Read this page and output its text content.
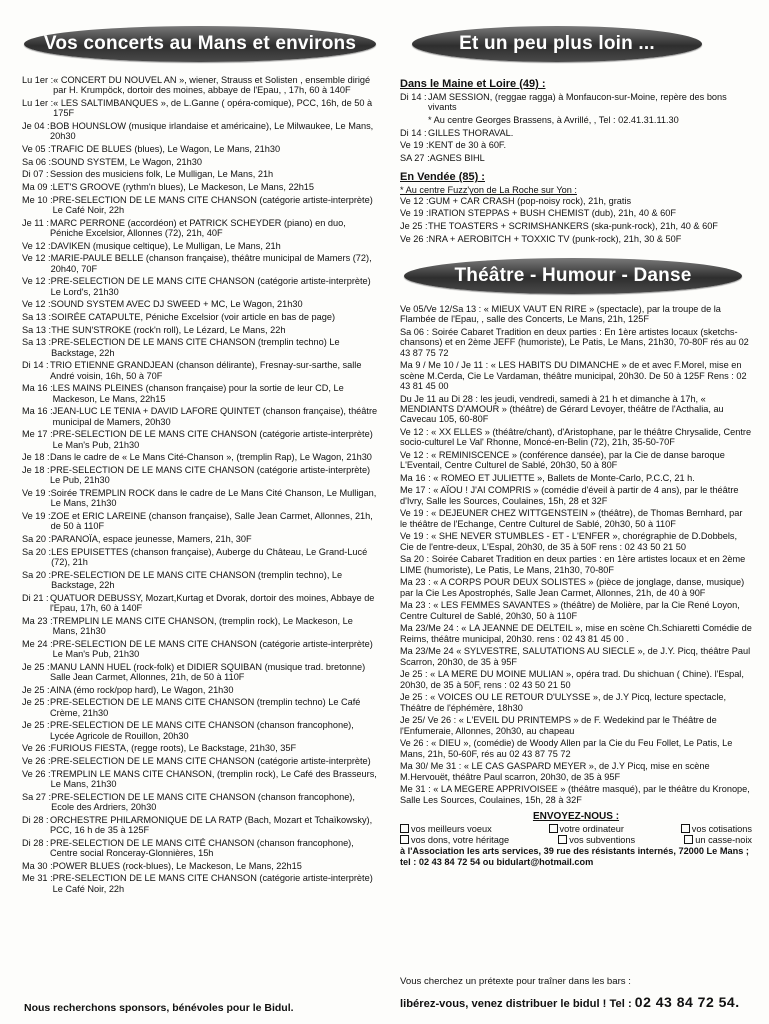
Vos concerts au Mans et environs
Lu 1er : « CONCERT DU NOUVEL AN », wiener, Strauss et Solisten , ensemble dirigé par H. Krumpöck, dortoir des moines, abbaye de l'Epau, , 17h, 60 à 140F
Lu 1er : « LES SALTIMBANQUES », de L.Ganne ( opéra-comique), PCC, 16h, de 50 à 175F
Je 04 : BOB HOUNSLOW (musique irlandaise et américaine), Le Milwaukee, Le Mans, 20h30
Ve 05 : TRAFIC DE BLUES (blues), Le Wagon, Le Mans, 21h30
Sa 06 : SOUND SYSTEM, Le Wagon, 21h30
Di 07 : Session des musiciens folk, Le Mulligan, Le Mans, 21h
Ma 09 : LET'S GROOVE (rythm'n blues), Le Mackeson, Le Mans, 22h15
Me 10 : PRE-SELECTION DE LE MANS CITE CHANSON (catégorie artiste-interprète) Le Café Noir, 22h
Je 11 : MARC PERRONE (accordéon) et PATRICK SCHEYDER (piano) en duo, Péniche Excelsior, Allonnes (72), 21h, 40F
Ve 12 : DAVIKEN (musique celtique), Le Mulligan, Le Mans, 21h
Ve 12 : MARIE-PAULE BELLE (chanson française), théâtre municipal de Mamers (72), 20h40, 70F
Ve 12 : PRE-SELECTION DE LE MANS CITE CHANSON (catégorie artiste-interprète) Le Lord's, 21h30
Ve 12 : SOUND SYSTEM AVEC DJ SWEED + MC, Le Wagon, 21h30
Sa 13 : SOIRÉE CATAPULTE, Péniche Excelsior (voir article en bas de page)
Sa 13 : THE SUN'STROKE (rock'n roll), Le Lézard, Le Mans, 22h
Sa 13 : PRE-SELECTION DE LE MANS CITE CHANSON (tremplin techno) Le Backstage, 22h
Di 14 : TRIO ETIENNE GRANDJEAN (chanson délirante), Fresnay-sur-sarthe, salle André voisin, 16h, 50 à 70F
Ma 16 : LES MAINS PLEINES (chanson française) pour la sortie de leur CD, Le Mackeson, Le Mans, 22h15
Ma 16 : JEAN-LUC LE TENIA + DAVID LAFORE QUINTET (chanson française), théâtre municipal de Mamers, 20h30
Me 17 : PRE-SELECTION DE LE MANS CITE CHANSON (catégorie artiste-interprète) Le Man's Pub, 21h30
Je 18 : Dans le cadre de « Le Mans Cité-Chanson », (tremplin Rap), Le Wagon, 21h30
Je 18 : PRE-SELECTION DE LE MANS CITE CHANSON (catégorie artiste-interprète) Le Pub, 21h30
Ve 19 : Soirée TREMPLIN ROCK dans le cadre de Le Mans Cité Chanson, Le Mulligan, Le Mans, 21h30
Ve 19 : ZOE et ERIC LAREINE (chanson française), Salle Jean Carmet, Allonnes, 21h, de 50 à 110F
Sa 20 : PARANOÏA, espace jeunesse, Mamers, 21h, 30F
Sa 20 : LES EPUISETTES (chanson française), Auberge du Château, Le Grand-Lucé (72), 21h
Sa 20 : PRE-SELECTION DE LE MANS CITE CHANSON (tremplin techno), Le Backstage, 22h
Di 21 : QUATUOR DEBUSSY, Mozart,Kurtag et Dvorak, dortoir des moines, Abbaye de l'Epau, 17h, 60 à 140F
Ma 23 : TREMPLIN LE MANS CITE CHANSON, (tremplin rock), Le Mackeson, Le Mans, 21h30
Me 24 : PRE-SELECTION DE LE MANS CITE CHANSON (catégorie artiste-interprète) Le Man's Pub, 21h30
Je 25 : MANU LANN HUEL (rock-folk) et DIDIER SQUIBAN (musique trad. bretonne) Salle Jean Carmet, Allonnes, 21h, de 50 à 110F
Je 25 : AINA (émo rock/pop hard), Le Wagon, 21h30
Je 25 : PRE-SELECTION DE LE MANS CITE CHANSON (tremplin techno) Le Café Crème, 21h30
Je 25 : PRE-SELECTION DE LE MANS CITE CHANSON (chanson francophone), Lycée Agricole de Rouillon, 20h30
Ve 26 : FURIOUS FIESTA, (regge roots), Le Backstage, 21h30, 35F
Ve 26 : PRE-SELECTION DE LE MANS CITE CHANSON (catégorie artiste-interprète)
Ve 26 : TREMPLIN LE MANS CITE CHANSON, (tremplin rock), Le Café des Brasseurs, Le Mans, 21h30
Sa 27 : PRE-SELECTION DE LE MANS CITE CHANSON (chanson francophone), Ecole des Ardriers, 20h30
Di 28 : ORCHESTRE PHILARMONIQUE DE LA RATP (Bach, Mozart et Tchaïkowsky), PCC, 16 h de 35 à 125F
Di 28 : PRE-SELECTION DE LE MANS CITÉ CHANSON (chanson francophone), Centre social Ronceray-Glonnières, 15h
Ma 30 : POWER BLUES (rock-blues), Le Mackeson, Le Mans, 22h15
Me 31 : PRE-SELECTION DE LE MANS CITE CHANSON (catégorie artiste-interprète) Le Café Noir, 22h
Nous recherchons sponsors, bénévoles pour le Bidul.
Et un peu plus loin ...
Dans le Maine et Loire (49) :
Di 14 : JAM SESSION, (reggae ragga) à Monfaucon-sur-Moine, repère des bons vivants
* Au centre Georges Brassens, à Avrillé, , Tel : 02.41.31.11.30
Di 14 : GILLES THORAVAL.
Ve 19 : KENT de 30 à 60F.
SA 27 : AGNES BIHL
En Vendée (85) :
* Au centre Fuzz'yon de La Roche sur Yon :
Ve 12 : GUM + CAR CRASH (pop-noisy rock), 21h, gratis
Ve 19 : IRATION STEPPAS + BUSH CHEMIST (dub), 21h, 40 & 60F
Je 25 : THE TOASTERS + SCRIMSHANKERS (ska-punk-rock), 21h, 40 & 60F
Ve 26 : NRA + AEROBITCH + TOXXIC TV (punk-rock), 21h, 30 & 50F
Théâtre - Humour - Danse
Ve 05/Ve 12/Sa 13 : « MIEUX VAUT EN RIRE » (spectacle), par la troupe de la Flambée de l'Epau, , salle des Concerts, Le Mans, 21h, 125F
Sa 06 : Soirée Cabaret Tradition en deux parties : En 1ère artistes locaux (sketchs-chansons) et en 2ème JEFF (humoriste), Le Patis, Le Mans, 21h30, 70-80F rés au 02 43 87 75 72
Ma 9 / Me 10 / Je 11 : « LES HABITS DU DIMANCHE » de et avec F.Morel, mise en scène M.Cerda, Cie Le Vardaman, théâtre municipal, 20h30. De 50 à 125F Rens : 02 43 81 45 00
Du Je 11 au Di 28 : les jeudi, vendredi, samedi à 21 h et dimanche à 17h, « MENDIANTS D'AMOUR » (théâtre) de Gérard Levoyer, théâtre de l'Acthalia, au Cavecau 105, 60-80F
Ve 12 : « XX ELLES » (théâtre/chant), d'Aristophane, par le théâtre Chrysalide, Centre socio-culturel Le Val' Rhonne, Moncé-en-Belin (72), 21h, 35-50-70F
Ve 12 : « REMINISCENCE » (conférence dansée), par la Cie de danse baroque L'Eventail, Centre Culturel de Sablé, 20h30, 50 à 80F
Ma 16 : « ROMEO ET JULIETTE », Ballets de Monte-Carlo, P.C.C, 21 h.
Me 17 : « AÏOU ! J'AI COMPRIS » (comédie d'éveil à partir de 4 ans), par le théâtre d'Ivry, Salle les Sources, Coulaines, 15h, 28 et 32F
Ve 19 : « DEJEUNER CHEZ WITTGENSTEIN » (théâtre), de Thomas Bernhard, par le théâtre de l'Echange, Centre Culturel de Sablé, 20h30, 50 à 110F
Ve 19 : « SHE NEVER STUMBLES - ET - L'ENFER », chorégraphie de D.Dobbels, Cie de l'entre-deux, L'Espal, 20h30, de 35 à 50F rens : 02 43 50 21 50
Sa 20 : Soirée Cabaret Tradition en deux parties : en 1ère artistes locaux et en 2ème LIME (humoriste), Le Patis, Le Mans, 21h30, 70-80F
Ma 23 : « A CORPS POUR DEUX SOLISTES » (pièce de jonglage, danse, musique) par la Cie Les Apostrophés, Salle Jean Carmet, Allonnes, 21h, de 40 à 90F
Ma 23 : « LES FEMMES SAVANTES » (théâtre) de Molière, par la Cie René Loyon, Centre Culturel de Sablé, 20h30, 50 à 110F
Ma 23/Me 24 : « LA JEANNE DE DELTEIL », mise en scène Ch.Schiaretti Comédie de Reims, théâtre municipal, 20h30. rens : 02 43 81 45 00 .
Ma 23/Me 24 « SYLVESTRE, SALUTATIONS AU SIECLE », de J.Y. Picq, théâtre Paul Scarron, 20h30, de 35 à 95F
Je 25 : « LA MERE DU MOINE MULIAN », opéra trad. Du shichuan ( Chine). l'Espal, 20h30, de 35 à 50F, rens : 02 43 50 21 50
Je 25 : « VOICES OU LE RETOUR D'ULYSSE », de J.Y Picq, lecture spectacle, Théâtre de l'éphémère, 18h30
Je 25/ Ve 26 : « L'EVEIL DU PRINTEMPS » de F. Wedekind par le Théâtre de l'Enfumeraie, Allonnes, 20h30, au chapeau
Ve 26 : « DIEU », (comédie) de Woody Allen par la Cie du Feu Follet, Le Patis, Le Mans, 21h, 50-60F, rés au 02 43 87 75 72
Ma 30/ Me 31 : « LE CAS GASPARD MEYER », de J.Y Picq, mise en scène M.Hervouët, théâtre Paul scarron, 20h30, de 35 à 95F
Me 31 : « LA MEGERE APPRIVOISEE » (théâtre masqué), par le théâtre du Kronope, Salle Les Sources, Coulaines, 15h, 28 à 32F
ENVOYEZ-NOUS :
vos meilleurs voeux	votre ordinateur	vos cotisations
vos dons, votre héritage	vos subventions	un casse-noix
à l'Association les arts services, 39 rue des résistants internés, 72000 Le Mans ; tel : 02 43 84 72 54 ou bidulart@hotmail.com
Vous cherchez un prétexte pour traîner dans les bars :
libérez-vous, venez distribuer le bidul ! Tel : 02 43 84 72 54.
